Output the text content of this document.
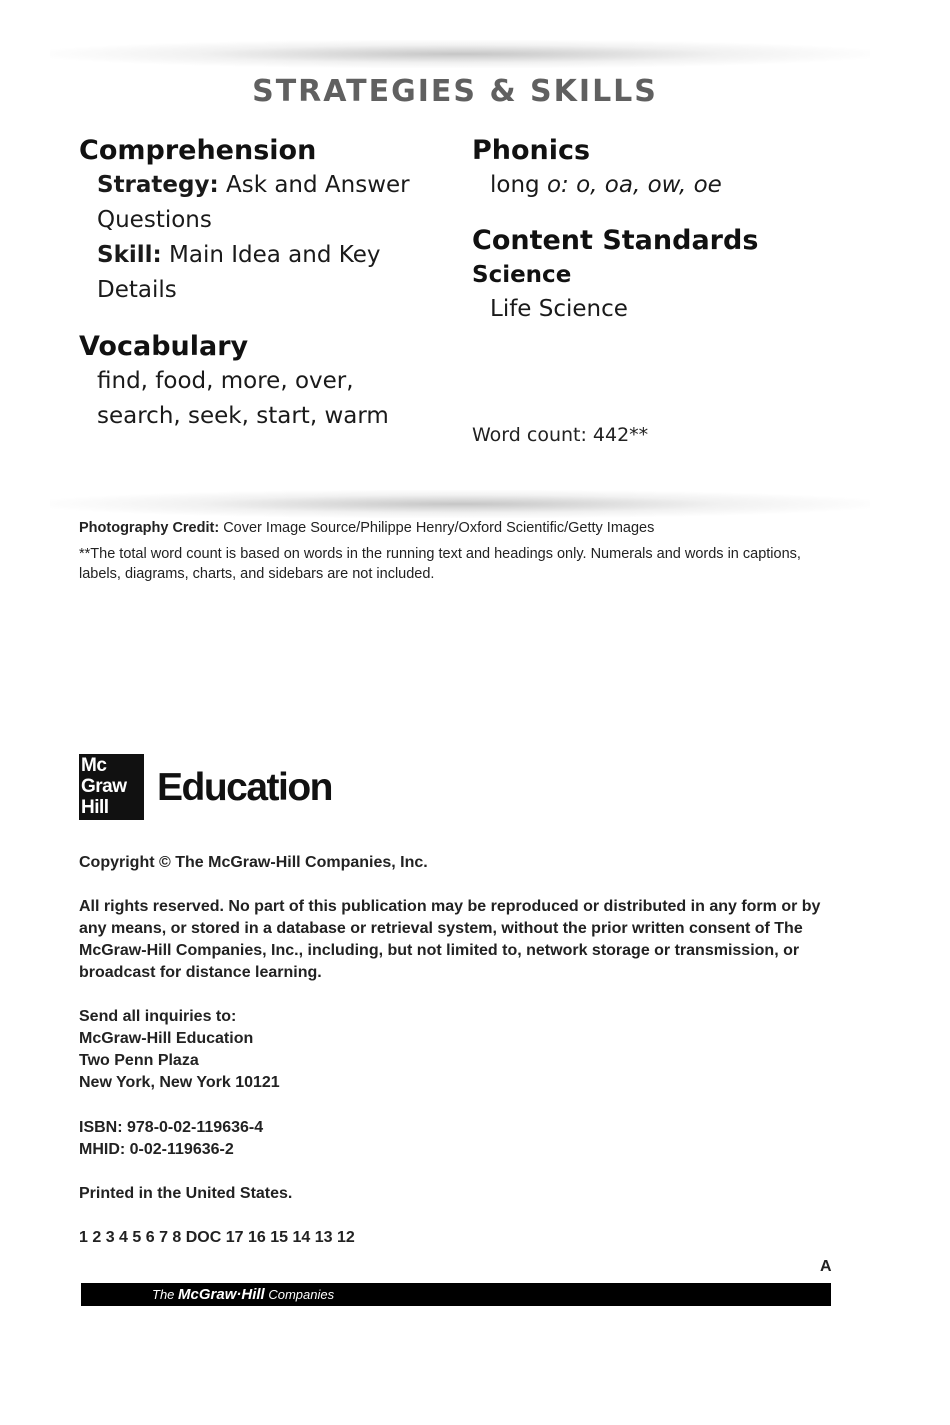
STRATEGIES & SKILLS
Comprehension
Strategy: Ask and Answer
Questions
Skill: Main Idea and Key
Details
Vocabulary
find, food, more, over,
search, seek, start, warm
Phonics
long o: o, oa, ow, oe
Content Standards
Science
Life Science
Word count: 442**
Photography Credit: Cover Image Source/Philippe Henry/Oxford Scientific/Getty Images
**The total word count is based on words in the running text and headings only. Numerals and words in captions, labels, diagrams, charts, and sidebars are not included.
Mc
Graw
Hill	Education
Copyright © The McGraw-Hill Companies, Inc.
All rights reserved. No part of this publication may be reproduced or distributed in any form or by any means, or stored in a database or retrieval system, without the prior written consent of The McGraw-Hill Companies, Inc., including, but not limited to, network storage or transmission, or broadcast for distance learning.
Send all inquiries to:
McGraw-Hill Education
Two Penn Plaza
New York, New York 10121
ISBN: 978-0-02-119636-4
MHID: 0-02-119636-2
Printed in the United States.
1 2 3 4 5 6 7 8 DOC 17 16 15 14 13 12
A
The McGraw·Hill Companies
